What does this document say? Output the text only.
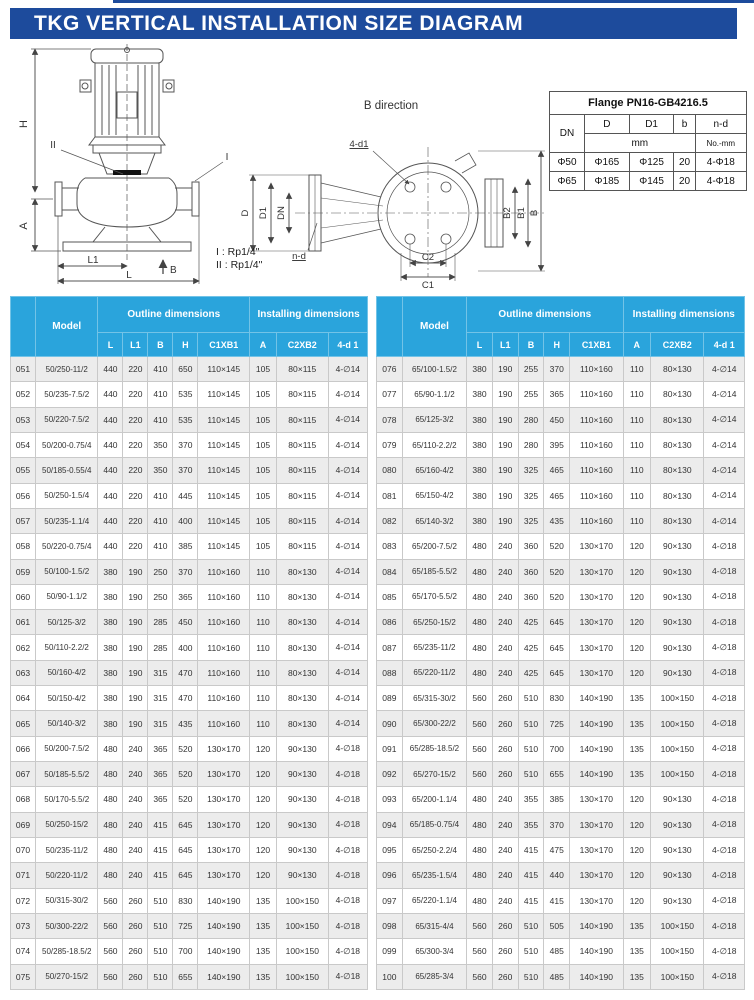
TKG VERTICAL INSTALLATION SIZE DIAGRAM
H
A
L1
L	B
II
I
B direction
4-d1
n-d
D D1 DN	B2 B1 B
C2
C1
I : Rp1/4"
II : Rp1/4"
Flange PN16-GB4216.5				
DN	D	D1	b	n-d
	mm			No.-mm
Φ50	Φ165	Φ125	20	4-Φ18
Φ65	Φ185	Φ145	20	4-Φ18
	Model	Outline dimensions					Installing dimensions		
		L	L1	B	H	C1XB1	A	C2XB2	4-d 1
051	50/250-11/2	440	220	410	650	110×145	105	80×115	4-∅14
052	50/235-7.5/2	440	220	410	535	110×145	105	80×115	4-∅14
053	50/220-7.5/2	440	220	410	535	110×145	105	80×115	4-∅14
054	50/200-0.75/4	440	220	350	370	110×145	105	80×115	4-∅14
055	50/185-0.55/4	440	220	350	370	110×145	105	80×115	4-∅14
056	50/250-1.5/4	440	220	410	445	110×145	105	80×115	4-∅14
057	50/235-1.1/4	440	220	410	400	110×145	105	80×115	4-∅14
058	50/220-0.75/4	440	220	410	385	110×145	105	80×115	4-∅14
059	50/100-1.5/2	380	190	250	370	110×160	110	80×130	4-∅14
060	50/90-1.1/2	380	190	250	365	110×160	110	80×130	4-∅14
061	50/125-3/2	380	190	285	450	110×160	110	80×130	4-∅14
062	50/110-2.2/2	380	190	285	400	110×160	110	80×130	4-∅14
063	50/160-4/2	380	190	315	470	110×160	110	80×130	4-∅14
064	50/150-4/2	380	190	315	470	110×160	110	80×130	4-∅14
065	50/140-3/2	380	190	315	435	110×160	110	80×130	4-∅14
066	50/200-7.5/2	480	240	365	520	130×170	120	90×130	4-∅18
067	50/185-5.5/2	480	240	365	520	130×170	120	90×130	4-∅18
068	50/170-5.5/2	480	240	365	520	130×170	120	90×130	4-∅18
069	50/250-15/2	480	240	415	645	130×170	120	90×130	4-∅18
070	50/235-11/2	480	240	415	645	130×170	120	90×130	4-∅18
071	50/220-11/2	480	240	415	645	130×170	120	90×130	4-∅18
072	50/315-30/2	560	260	510	830	140×190	135	100×150	4-∅18
073	50/300-22/2	560	260	510	725	140×190	135	100×150	4-∅18
074	50/285-18.5/2	560	260	510	700	140×190	135	100×150	4-∅18
075	50/270-15/2	560	260	510	655	140×190	135	100×150	4-∅18
	Model	Outline dimensions					Installing dimensions		
		L	L1	B	H	C1XB1	A	C2XB2	4-d 1
076	65/100-1.5/2	380	190	255	370	110×160	110	80×130	4-∅14
077	65/90-1.1/2	380	190	255	365	110×160	110	80×130	4-∅14
078	65/125-3/2	380	190	280	450	110×160	110	80×130	4-∅14
079	65/110-2.2/2	380	190	280	395	110×160	110	80×130	4-∅14
080	65/160-4/2	380	190	325	465	110×160	110	80×130	4-∅14
081	65/150-4/2	380	190	325	465	110×160	110	80×130	4-∅14
082	65/140-3/2	380	190	325	435	110×160	110	80×130	4-∅14
083	65/200-7.5/2	480	240	360	520	130×170	120	90×130	4-∅18
084	65/185-5.5/2	480	240	360	520	130×170	120	90×130	4-∅18
085	65/170-5.5/2	480	240	360	520	130×170	120	90×130	4-∅18
086	65/250-15/2	480	240	425	645	130×170	120	90×130	4-∅18
087	65/235-11/2	480	240	425	645	130×170	120	90×130	4-∅18
088	65/220-11/2	480	240	425	645	130×170	120	90×130	4-∅18
089	65/315-30/2	560	260	510	830	140×190	135	100×150	4-∅18
090	65/300-22/2	560	260	510	725	140×190	135	100×150	4-∅18
091	65/285-18.5/2	560	260	510	700	140×190	135	100×150	4-∅18
092	65/270-15/2	560	260	510	655	140×190	135	100×150	4-∅18
093	65/200-1.1/4	480	240	355	385	130×170	120	90×130	4-∅18
094	65/185-0.75/4	480	240	355	370	130×170	120	90×130	4-∅18
095	65/250-2.2/4	480	240	415	475	130×170	120	90×130	4-∅18
096	65/235-1.5/4	480	240	415	440	130×170	120	90×130	4-∅18
097	65/220-1.1/4	480	240	415	415	130×170	120	90×130	4-∅18
098	65/315-4/4	560	260	510	505	140×190	135	100×150	4-∅18
099	65/300-3/4	560	260	510	485	140×190	135	100×150	4-∅18
100	65/285-3/4	560	260	510	485	140×190	135	100×150	4-∅18
